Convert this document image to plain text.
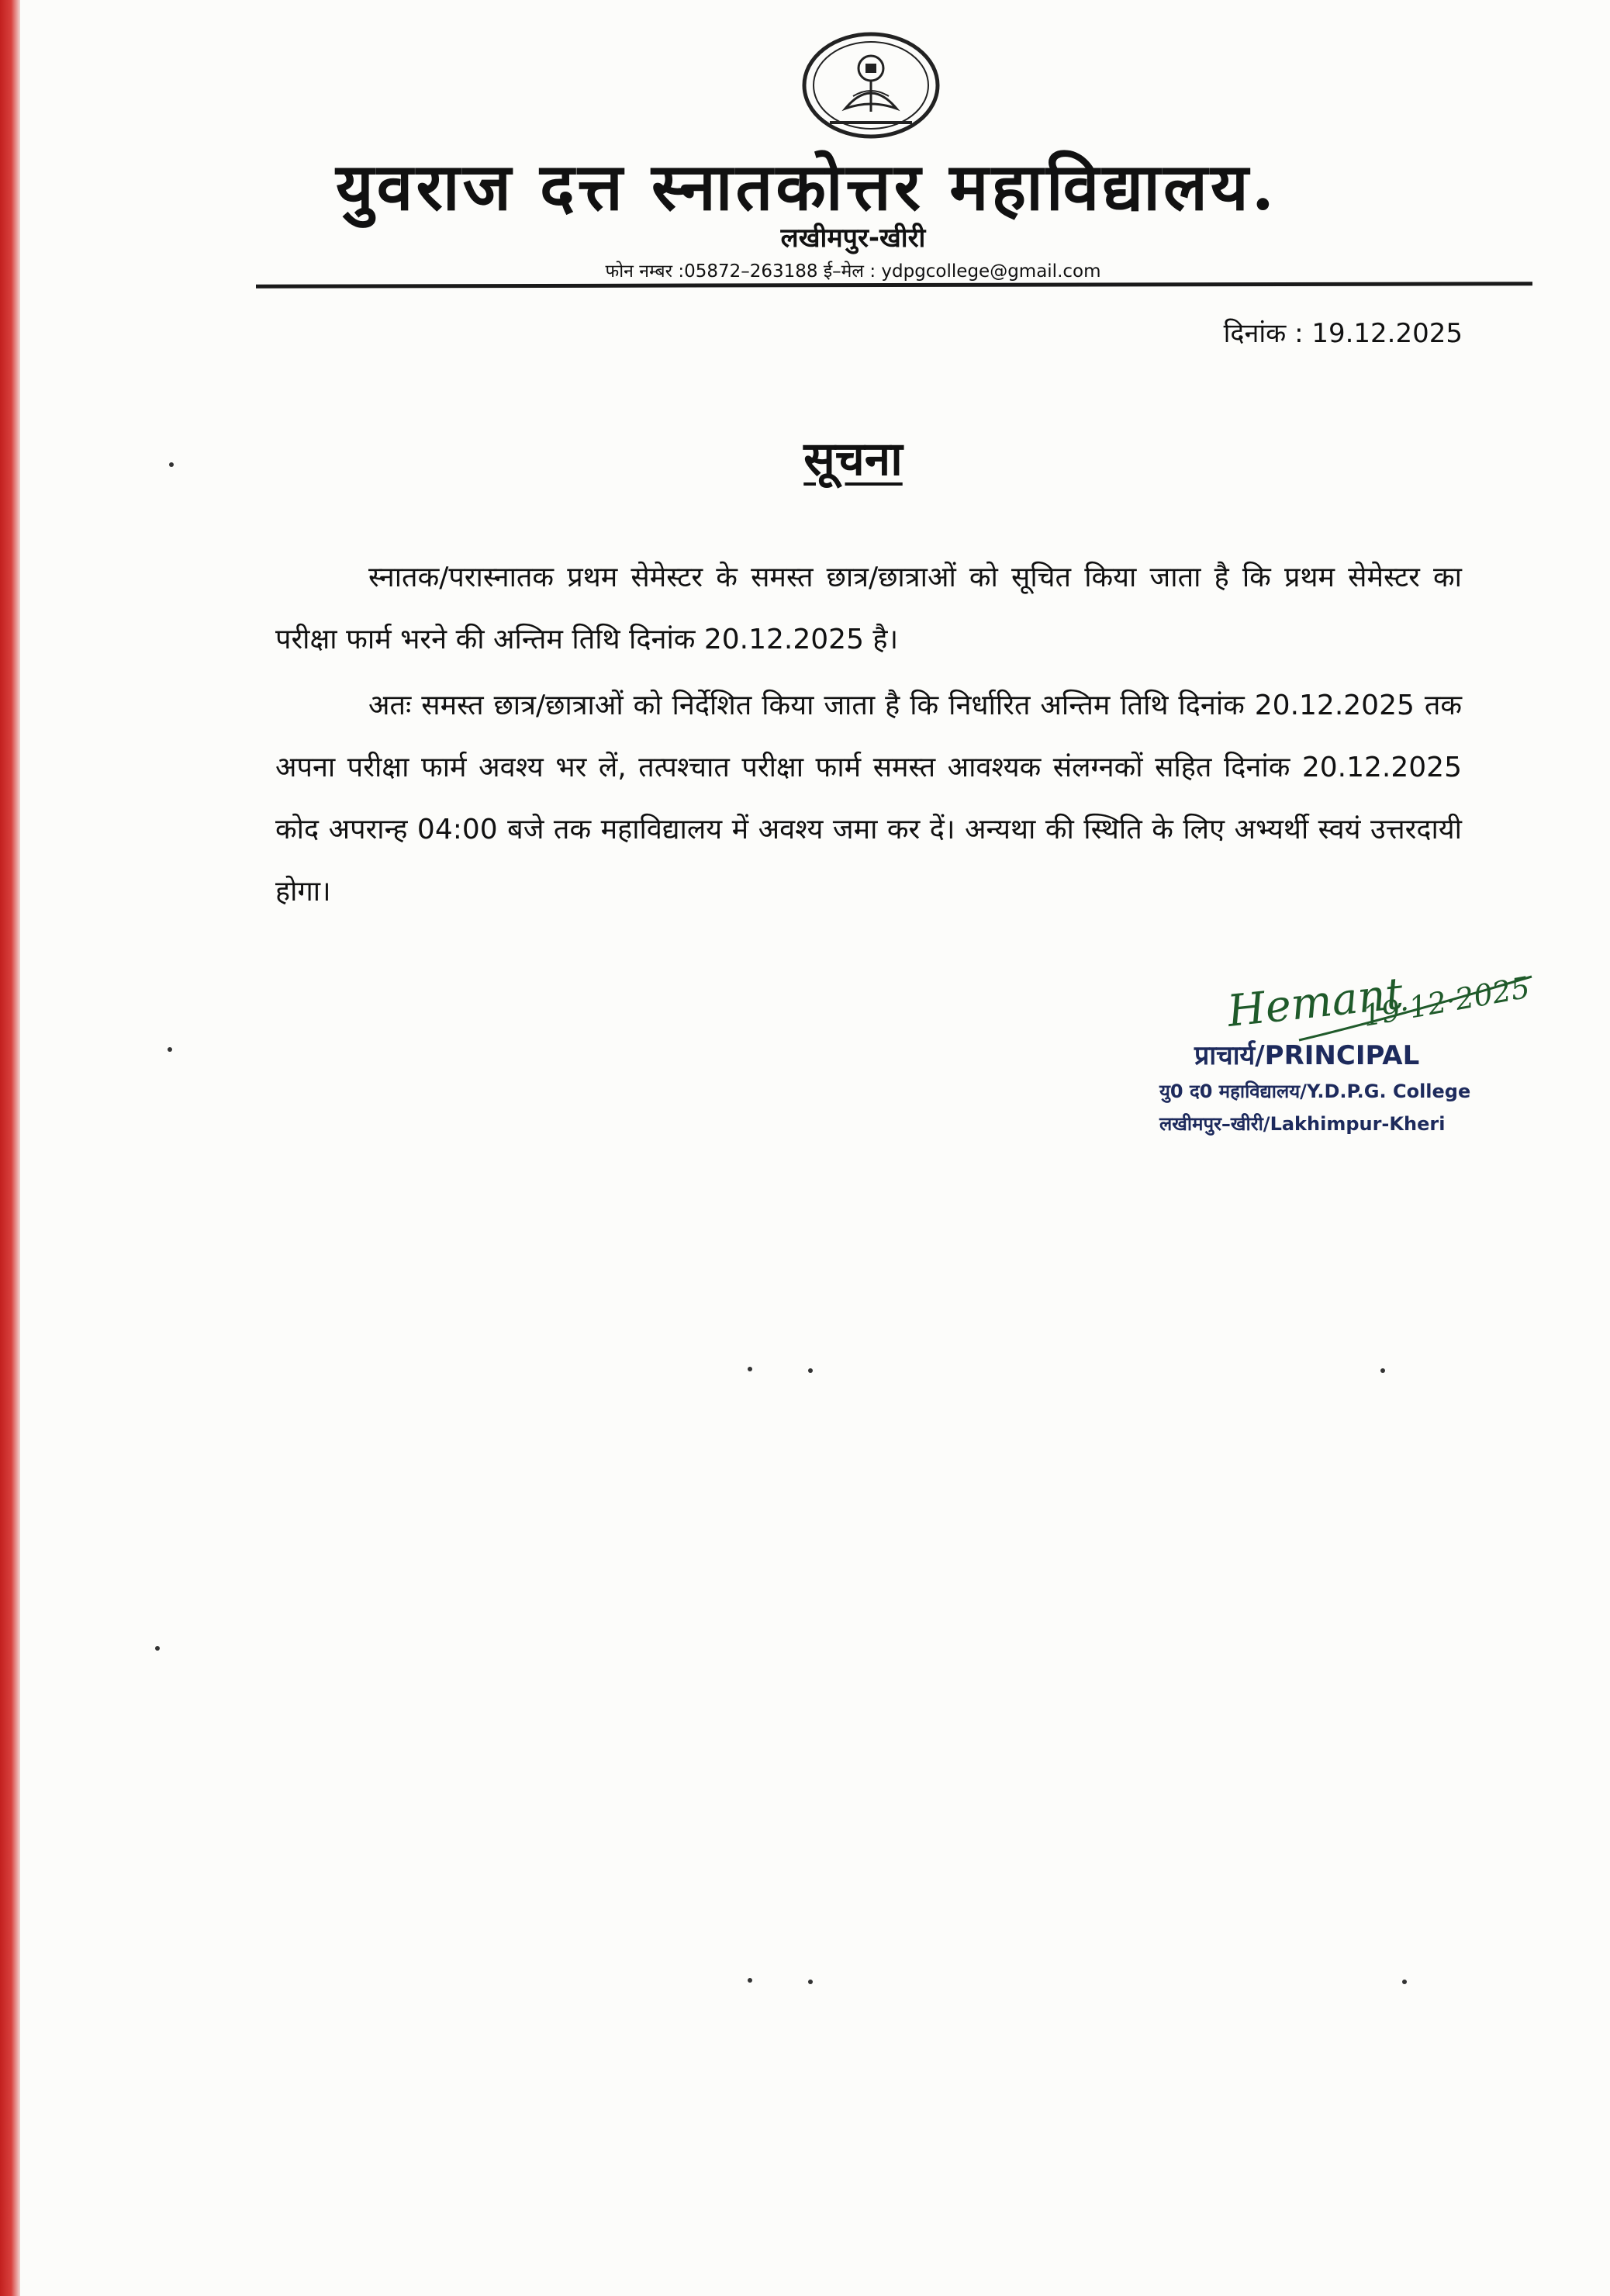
युवराज दत्त स्नातकोत्तर महाविद्यालय.
लखीमपुर-खीरी
फोन नम्बर :05872–263188 ई–मेल : ydpgcollege@gmail.com
दिनांक : 19.12.2025
सूचना

स्नातक/परास्नातक प्रथम सेमेस्टर के समस्त छात्र/छात्राओं को सूचित किया जाता है कि प्रथम सेमेस्टर का परीक्षा फार्म भरने की अन्तिम तिथि दिनांक 20.12.2025 है।

अतः समस्त छात्र/छात्राओं को निर्देशित किया जाता है कि निर्धारित अन्तिम तिथि दिनांक 20.12.2025 तक अपना परीक्षा फार्म अवश्य भर लें, तत्पश्चात परीक्षा फार्म समस्त आवश्यक संलग्नकों सहित दिनांक 20.12.2025 कोद अपरान्ह 04:00 बजे तक महाविद्यालय में अवश्य जमा कर दें। अन्यथा की स्थिति के लिए अभ्यर्थी स्वयं उत्तरदायी होगा।

Hemant
19·12·2025
प्राचार्य/PRINCIPAL
यु0 द0 महाविद्यालय/Y.D.P.G. College
लखीमपुर–खीरी/Lakhimpur-Kheri
